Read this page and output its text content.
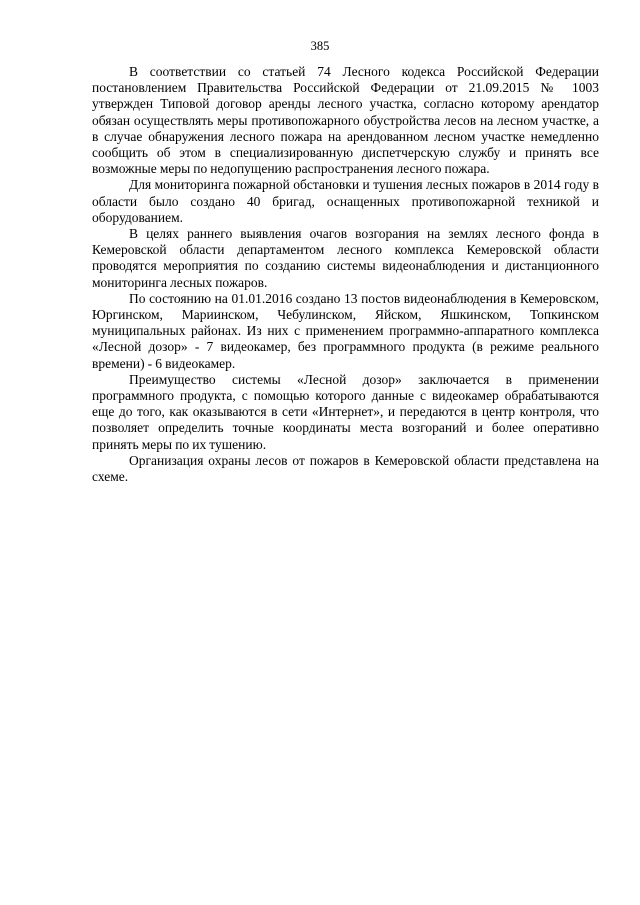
385

В соответствии со статьей 74 Лесного кодекса Российской Федерации постановлением Правительства Российской Федерации от 21.09.2015 № 1003 утвержден Типовой договор аренды лесного участка, согласно которому арендатор обязан осуществлять меры противопожарного обустройства лесов на лесном участке, а в случае обнаружения лесного пожара на арендованном лесном участке немедленно сообщить об этом в специализированную диспетчерскую службу и принять все возможные меры по недопущению распространения лесного пожара.

Для мониторинга пожарной обстановки и тушения лесных пожаров в 2014 году в области было создано 40 бригад, оснащенных противопожарной техникой и оборудованием.

В целях раннего выявления очагов возгорания на землях лесного фонда в Кемеровской области департаментом лесного комплекса Кемеровской области проводятся мероприятия по созданию системы видеонаблюдения и дистанционного мониторинга лесных пожаров.

По состоянию на 01.01.2016 создано 13 постов видеонаблюдения в Кемеровском, Юргинском, Мариинском, Чебулинском, Яйском, Яшкинском, Топкинском муниципальных районах. Из них с применением программно-аппаратного комплекса «Лесной дозор» - 7 видеокамер, без программного продукта (в режиме реального времени) - 6 видеокамер.

Преимущество системы «Лесной дозор» заключается в применении программного продукта, с помощью которого данные с видеокамер обрабатываются еще до того, как оказываются в сети «Интернет», и передаются в центр контроля, что позволяет определить точные координаты места возгораний и более оперативно принять меры по их тушению.

Организация охраны лесов от пожаров в Кемеровской области представлена на схеме.
